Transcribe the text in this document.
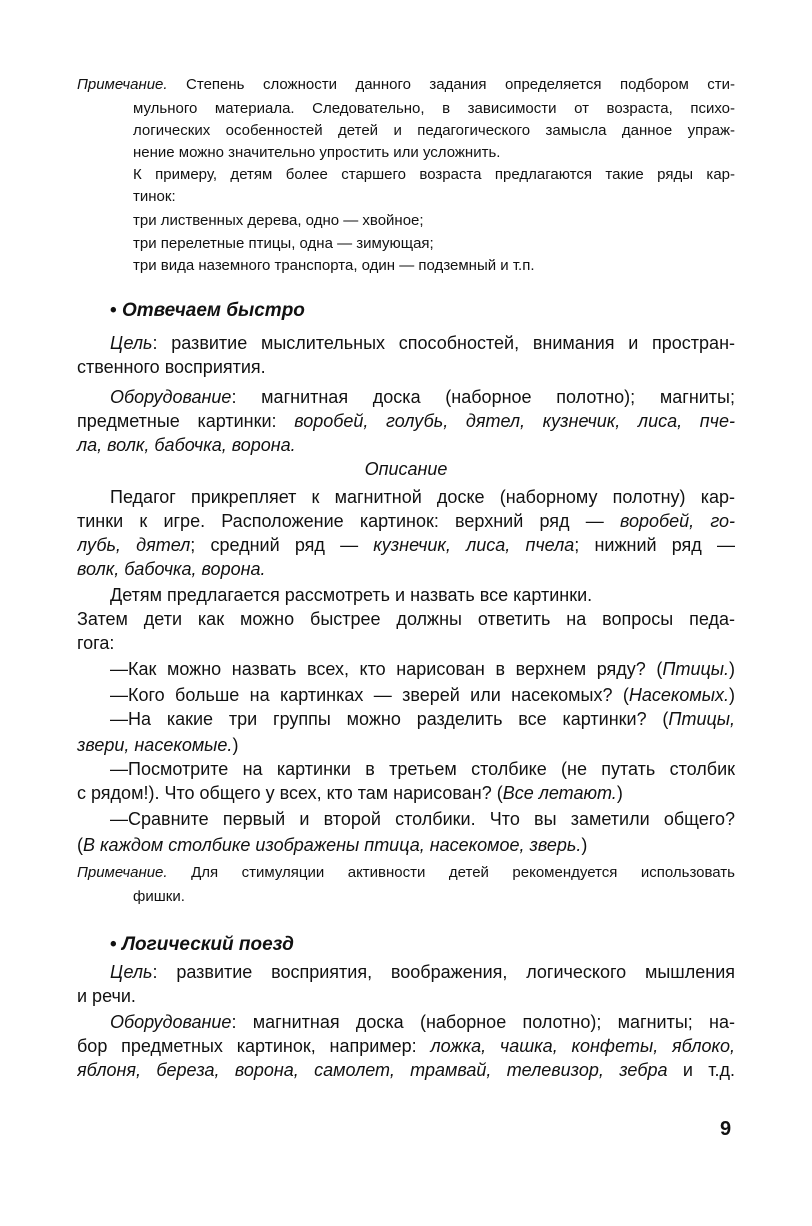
Примечание. Степень сложности данного задания определяется подбором сти-
мульного материала. Следовательно, в зависимости от возраста, психо-
логических особенностей детей и педагогического замысла данное упраж-
нение можно значительно упростить или усложнить.
К примеру, детям более старшего возраста предлагаются такие ряды кар-
тинок:
три лиственных дерева, одно — хвойное;
три перелетные птицы, одна — зимующая;
три вида наземного транспорта, один — подземный и т.п.
• Отвечаем быстро
Цель: развитие мыслительных способностей, внимания и простран-
ственного восприятия.
Оборудование: магнитная доска (наборное полотно); магниты;
предметные картинки: воробей, голубь, дятел, кузнечик, лиса, пче-
ла, волк, бабочка, ворона.
Описание
Педагог прикрепляет к магнитной доске (наборному полотну) кар-
тинки к игре. Расположение картинок: верхний ряд — воробей, го-
лубь, дятел; средний ряд — кузнечик, лиса, пчела; нижний ряд —
волк, бабочка, ворона.
Детям предлагается рассмотреть и назвать все картинки.
Затем дети как можно быстрее должны ответить на вопросы педа-
гога:
—Как можно назвать всех, кто нарисован в верхнем ряду? (Птицы.)
—Кого больше на картинках — зверей или насекомых? (Насекомых.)
—На какие три группы можно разделить все картинки? (Птицы,
звери, насекомые.)
—Посмотрите на картинки в третьем столбике (не путать столбик
с рядом!). Что общего у всех, кто там нарисован? (Все летают.)
—Сравните первый и второй столбики. Что вы заметили общего?
(В каждом столбике изображены птица, насекомое, зверь.)
Примечание. Для стимуляции активности детей рекомендуется использовать
фишки.
• Логический поезд
Цель: развитие восприятия, воображения, логического мышления
и речи.
Оборудование: магнитная доска (наборное полотно); магниты; на-
бор предметных картинок, например: ложка, чашка, конфеты, яблоко,
яблоня, береза, ворона, самолет, трамвай, телевизор, зебра и т.д.
9
